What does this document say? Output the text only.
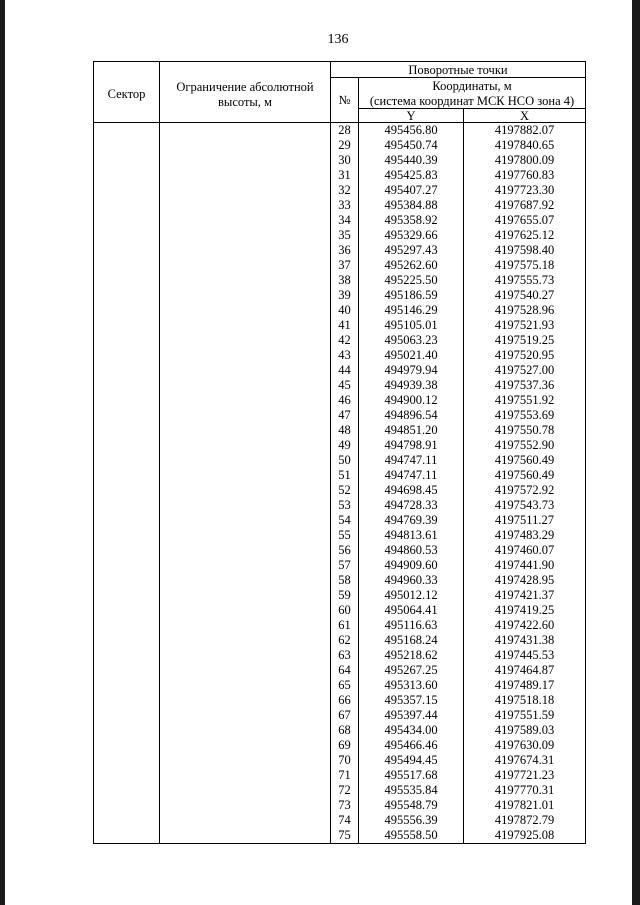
136
Сектор	Ограничение абсолютной высоты, м	Поворотные точки		
		№	Координаты, м	
			(система координат МСК НСО зона 4)	
			Y	X
		28	495456.80	4197882.07
		29	495450.74	4197840.65
		30	495440.39	4197800.09
		31	495425.83	4197760.83
		32	495407.27	4197723.30
		33	495384.88	4197687.92
		34	495358.92	4197655.07
		35	495329.66	4197625.12
		36	495297.43	4197598.40
		37	495262.60	4197575.18
		38	495225.50	4197555.73
		39	495186.59	4197540.27
		40	495146.29	4197528.96
		41	495105.01	4197521.93
		42	495063.23	4197519.25
		43	495021.40	4197520.95
		44	494979.94	4197527.00
		45	494939.38	4197537.36
		46	494900.12	4197551.92
		47	494896.54	4197553.69
		48	494851.20	4197550.78
		49	494798.91	4197552.90
		50	494747.11	4197560.49
		51	494747.11	4197560.49
		52	494698.45	4197572.92
		53	494728.33	4197543.73
		54	494769.39	4197511.27
		55	494813.61	4197483.29
		56	494860.53	4197460.07
		57	494909.60	4197441.90
		58	494960.33	4197428.95
		59	495012.12	4197421.37
		60	495064.41	4197419.25
		61	495116.63	4197422.60
		62	495168.24	4197431.38
		63	495218.62	4197445.53
		64	495267.25	4197464.87
		65	495313.60	4197489.17
		66	495357.15	4197518.18
		67	495397.44	4197551.59
		68	495434.00	4197589.03
		69	495466.46	4197630.09
		70	495494.45	4197674.31
		71	495517.68	4197721.23
		72	495535.84	4197770.31
		73	495548.79	4197821.01
		74	495556.39	4197872.79
		75	495558.50	4197925.08
